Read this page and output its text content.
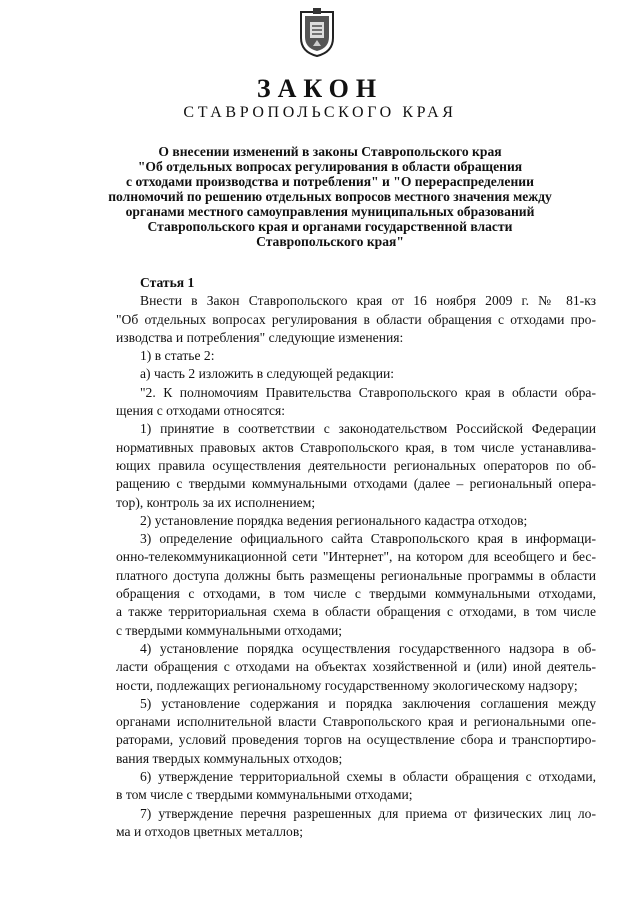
ЗАКОН
СТАВРОПОЛЬСКОГО КРАЯ
О внесении изменений в законы Ставропольского края
"Об отдельных вопросах регулирования в области обращения
с отходами производства и потребления" и "О перераспределении
полномочий по решению отдельных вопросов местного значения между
органами местного самоуправления муниципальных образований
Ставропольского края и органами государственной власти
Ставропольского края"
Статья 1

Внести в Закон Ставропольского края от 16 ноября 2009 г. № 81-кз
"Об отдельных вопросах регулирования в области обращения с отходами про-
изводства и потребления" следующие изменения:

1) в статье 2:

а) часть 2 изложить в следующей редакции:

"2. К полномочиям Правительства Ставропольского края в области обра-
щения с отходами относятся:

1) принятие в соответствии с законодательством Российской Федерации
нормативных правовых актов Ставропольского края, в том числе устанавлива-
ющих правила осуществления деятельности региональных операторов по об-
ращению с твердыми коммунальными отходами (далее – региональный опера-
тор), контроль за их исполнением;

2) установление порядка ведения регионального кадастра отходов;

3) определение официального сайта Ставропольского края в информаци-
онно-телекоммуникационной сети "Интернет", на котором для всеобщего и бес-
платного доступа должны быть размещены региональные программы в области
обращения с отходами, в том числе с твердыми коммунальными отходами,
а также территориальная схема в области обращения с отходами, в том числе
с твердыми коммунальными отходами;

4) установление порядка осуществления государственного надзора в об-
ласти обращения с отходами на объектах хозяйственной и (или) иной деятель-
ности, подлежащих региональному государственному экологическому надзору;

5) установление содержания и порядка заключения соглашения между
органами исполнительной власти Ставропольского края и региональными опе-
раторами, условий проведения торгов на осуществление сбора и транспортиро-
вания твердых коммунальных отходов;

6) утверждение территориальной схемы в области обращения с отходами,
в том числе с твердыми коммунальными отходами;

7) утверждение перечня разрешенных для приема от физических лиц ло-
ма и отходов цветных металлов;
